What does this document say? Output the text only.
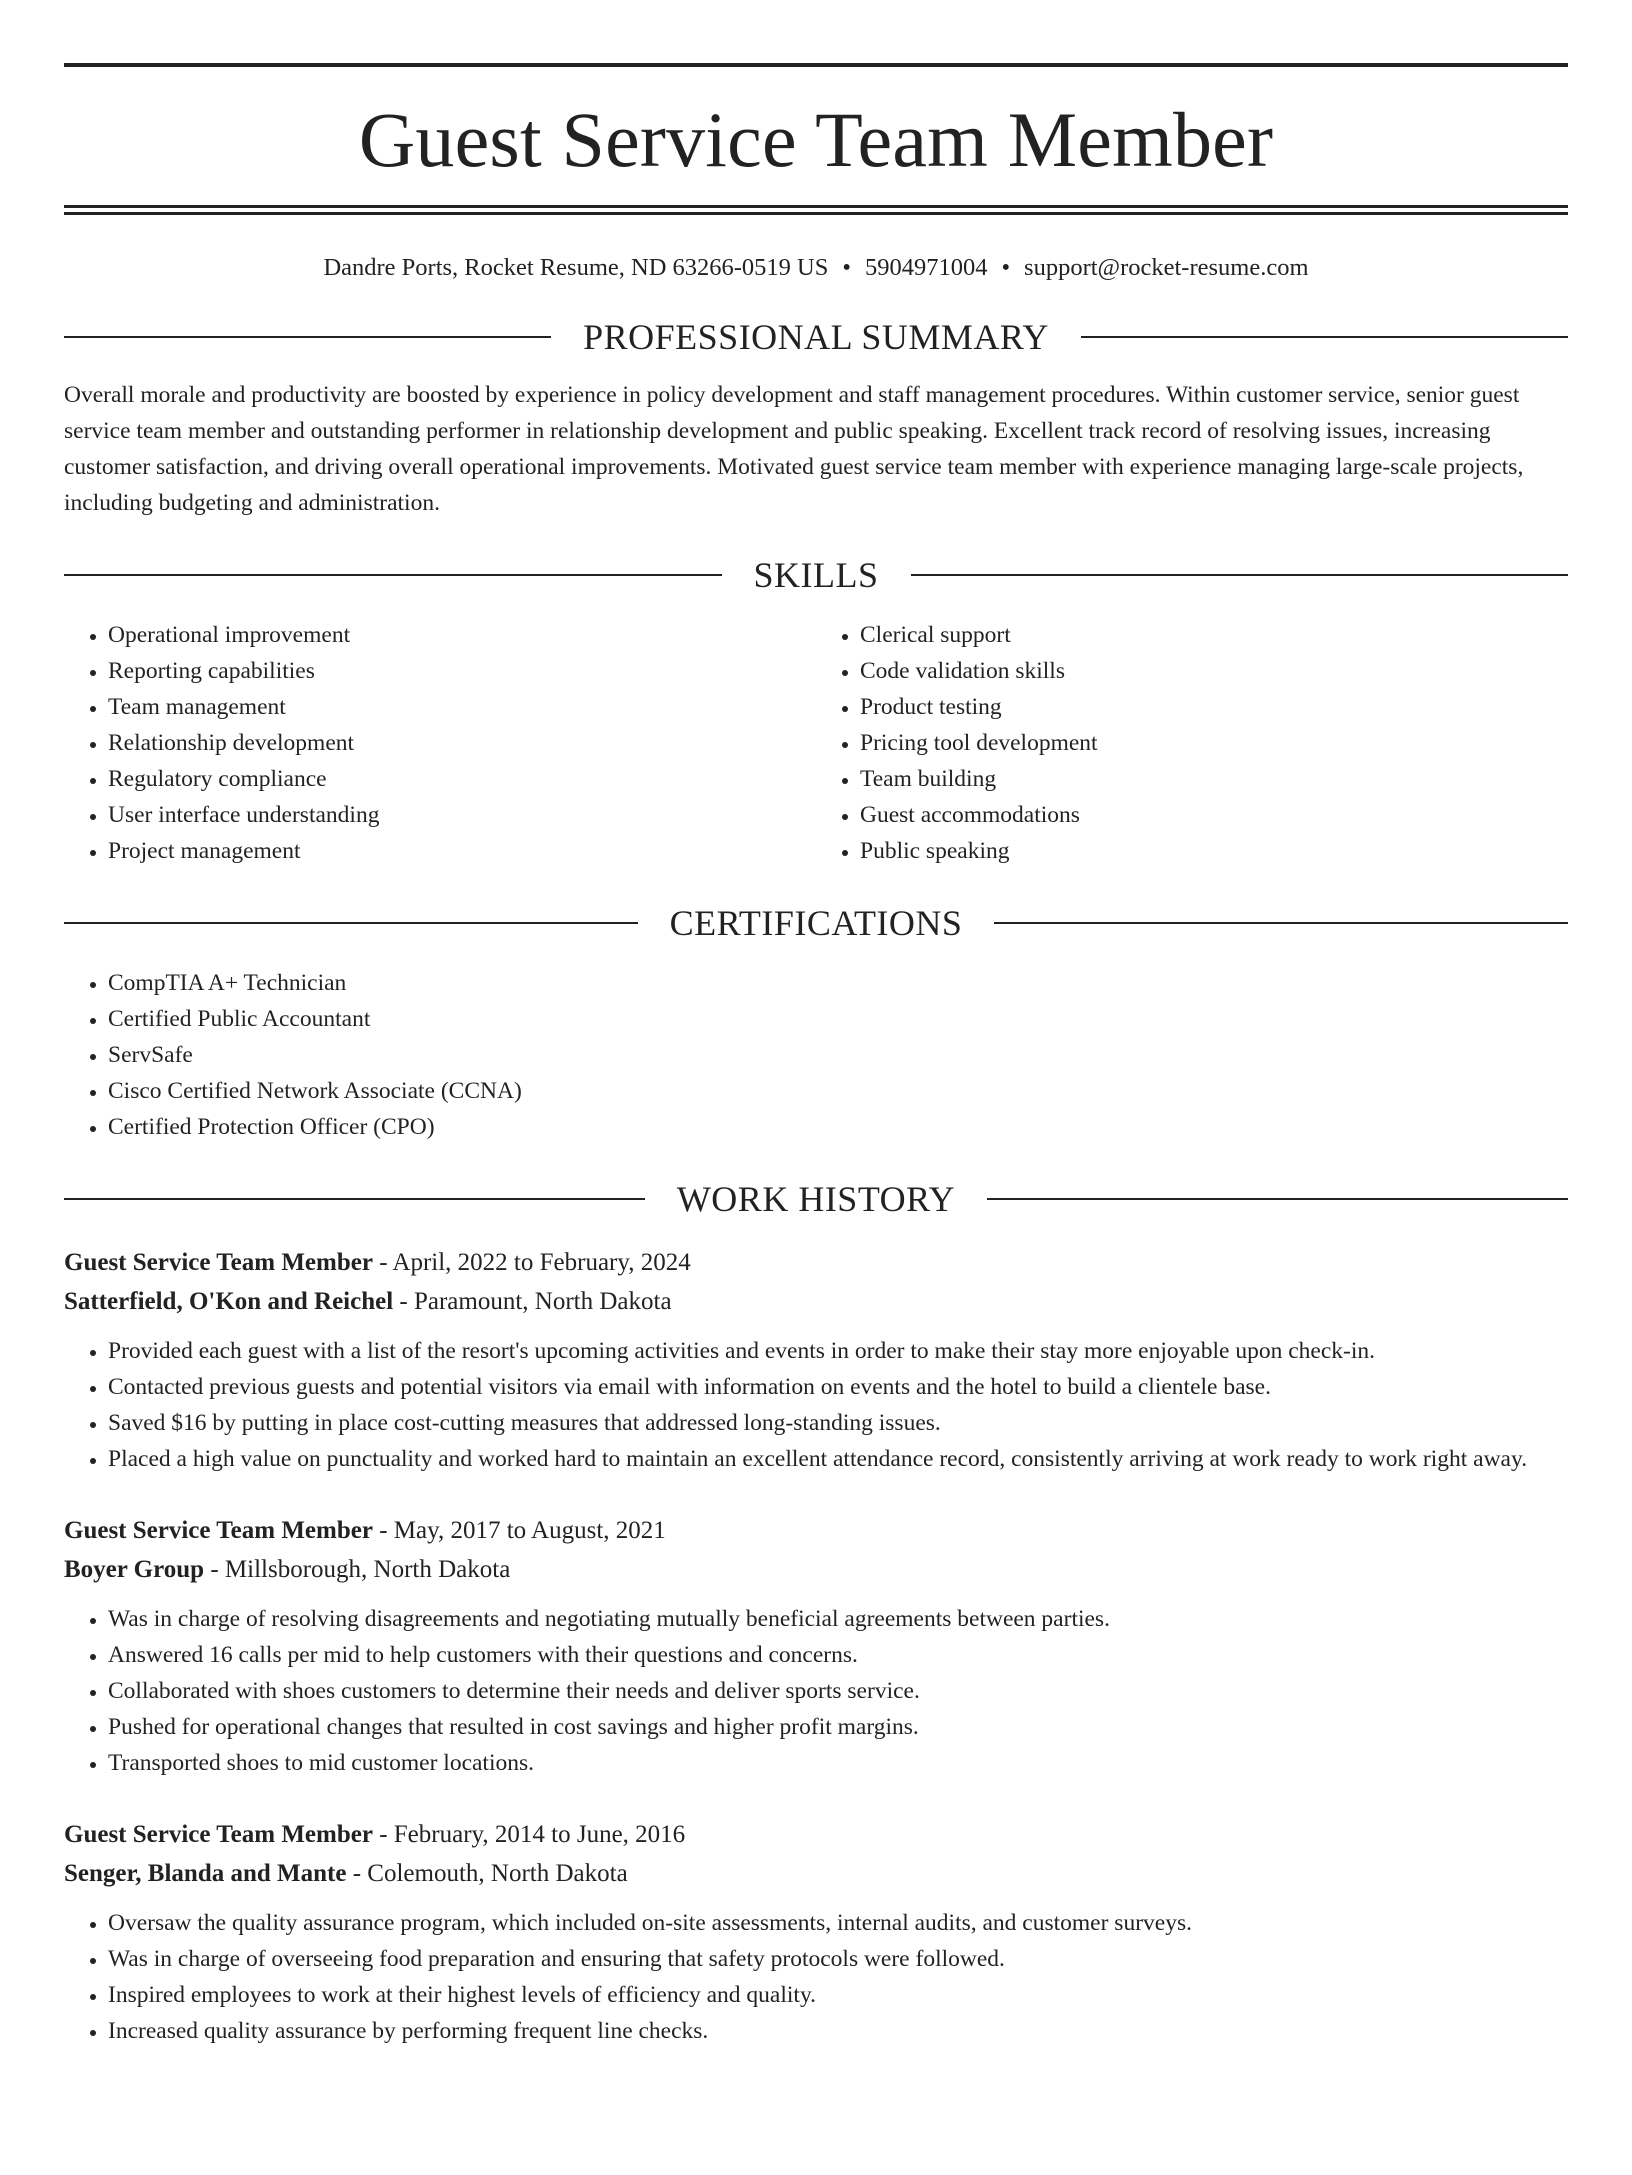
Guest Service Team Member
Dandre Ports, Rocket Resume, ND 63266-0519 US • 5904971004 • support@rocket-resume.com
PROFESSIONAL SUMMARY
Overall morale and productivity are boosted by experience in policy development and staff management procedures. Within customer service, senior guest service team member and outstanding performer in relationship development and public speaking. Excellent track record of resolving issues, increasing customer satisfaction, and driving overall operational improvements. Motivated guest service team member with experience managing large-scale projects, including budgeting and administration.
SKILLS
• Operational improvement
• Reporting capabilities
• Team management
• Relationship development
• Regulatory compliance
• User interface understanding
• Project management
• Clerical support
• Code validation skills
• Product testing
• Pricing tool development
• Team building
• Guest accommodations
• Public speaking
CERTIFICATIONS
• CompTIA A+ Technician
• Certified Public Accountant
• ServSafe
• Cisco Certified Network Associate (CCNA)
• Certified Protection Officer (CPO)
WORK HISTORY
Guest Service Team Member - April, 2022 to February, 2024
Satterfield, O'Kon and Reichel - Paramount, North Dakota
• Provided each guest with a list of the resort's upcoming activities and events in order to make their stay more enjoyable upon check-in.
• Contacted previous guests and potential visitors via email with information on events and the hotel to build a clientele base.
• Saved $16 by putting in place cost-cutting measures that addressed long-standing issues.
• Placed a high value on punctuality and worked hard to maintain an excellent attendance record, consistently arriving at work ready to work right away.
Guest Service Team Member - May, 2017 to August, 2021
Boyer Group - Millsborough, North Dakota
• Was in charge of resolving disagreements and negotiating mutually beneficial agreements between parties.
• Answered 16 calls per mid to help customers with their questions and concerns.
• Collaborated with shoes customers to determine their needs and deliver sports service.
• Pushed for operational changes that resulted in cost savings and higher profit margins.
• Transported shoes to mid customer locations.
Guest Service Team Member - February, 2014 to June, 2016
Senger, Blanda and Mante - Colemouth, North Dakota
• Oversaw the quality assurance program, which included on-site assessments, internal audits, and customer surveys.
• Was in charge of overseeing food preparation and ensuring that safety protocols were followed.
• Inspired employees to work at their highest levels of efficiency and quality.
• Increased quality assurance by performing frequent line checks.
